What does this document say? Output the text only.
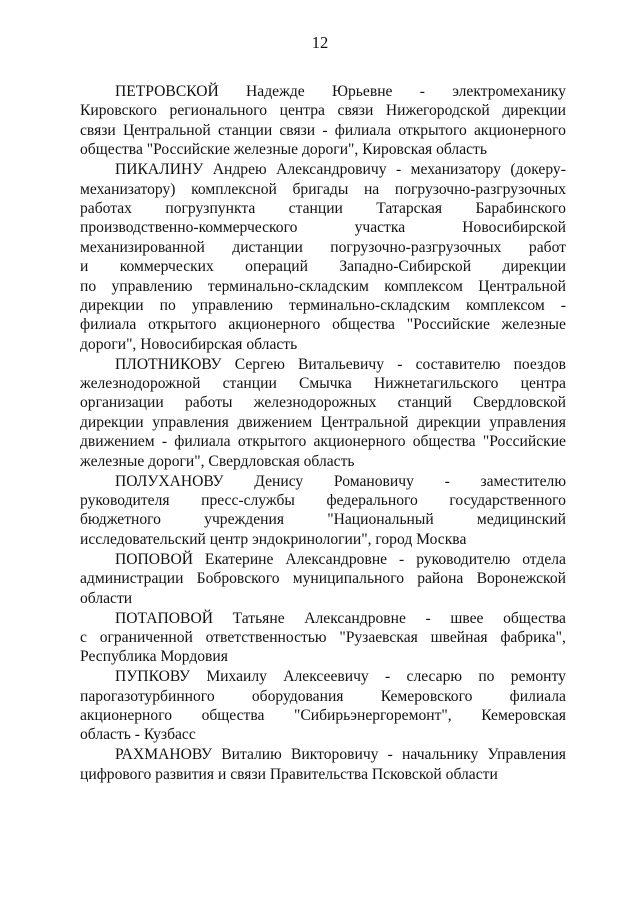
12
ПЕТРОВСКОЙ Надежде Юрьевне - электромеханику
Кировского регионального центра связи Нижегородской дирекции
связи Центральной станции связи - филиала открытого акционерного
общества "Российские железные дороги", Кировская область
ПИКАЛИНУ Андрею Александровичу - механизатору (докеру-
механизатору) комплексной бригады на погрузочно-разгрузочных
работах погрузпункта станции Татарская Барабинского
производственно-коммерческого	участка	Новосибирской
механизированной дистанции погрузочно-разгрузочных работ
и коммерческих операций Западно-Сибирской дирекции
по управлению терминально-складским комплексом Центральной
дирекции по управлению терминально-складским комплексом -
филиала открытого акционерного общества "Российские железные
дороги", Новосибирская область
ПЛОТНИКОВУ Сергею Витальевичу - составителю поездов
железнодорожной станции Смычка Нижнетагильского центра
организации работы железнодорожных станций Свердловской
дирекции управления движением Центральной дирекции управления
движением - филиала открытого акционерного общества "Российские
железные дороги", Свердловская область
ПОЛУХАНОВУ Денису Романовичу - заместителю
руководителя пресс-службы федерального государственного
бюджетного	учреждения	"Национальный	медицинский
исследовательский центр эндокринологии", город Москва
ПОПОВОЙ Екатерине Александровне - руководителю отдела
администрации Бобровского муниципального района Воронежской
области
ПОТАПОВОЙ Татьяне Александровне - швее общества
с ограниченной ответственностью "Рузаевская швейная фабрика",
Республика Мордовия
ПУПКОВУ Михаилу Алексеевичу - слесарю по ремонту
парогазотурбинного оборудования Кемеровского филиала
акционерного общества "Сибирьэнергоремонт", Кемеровская
область - Кузбасс
РАХМАНОВУ Виталию Викторовичу - начальнику Управления
цифрового развития и связи Правительства Псковской области
